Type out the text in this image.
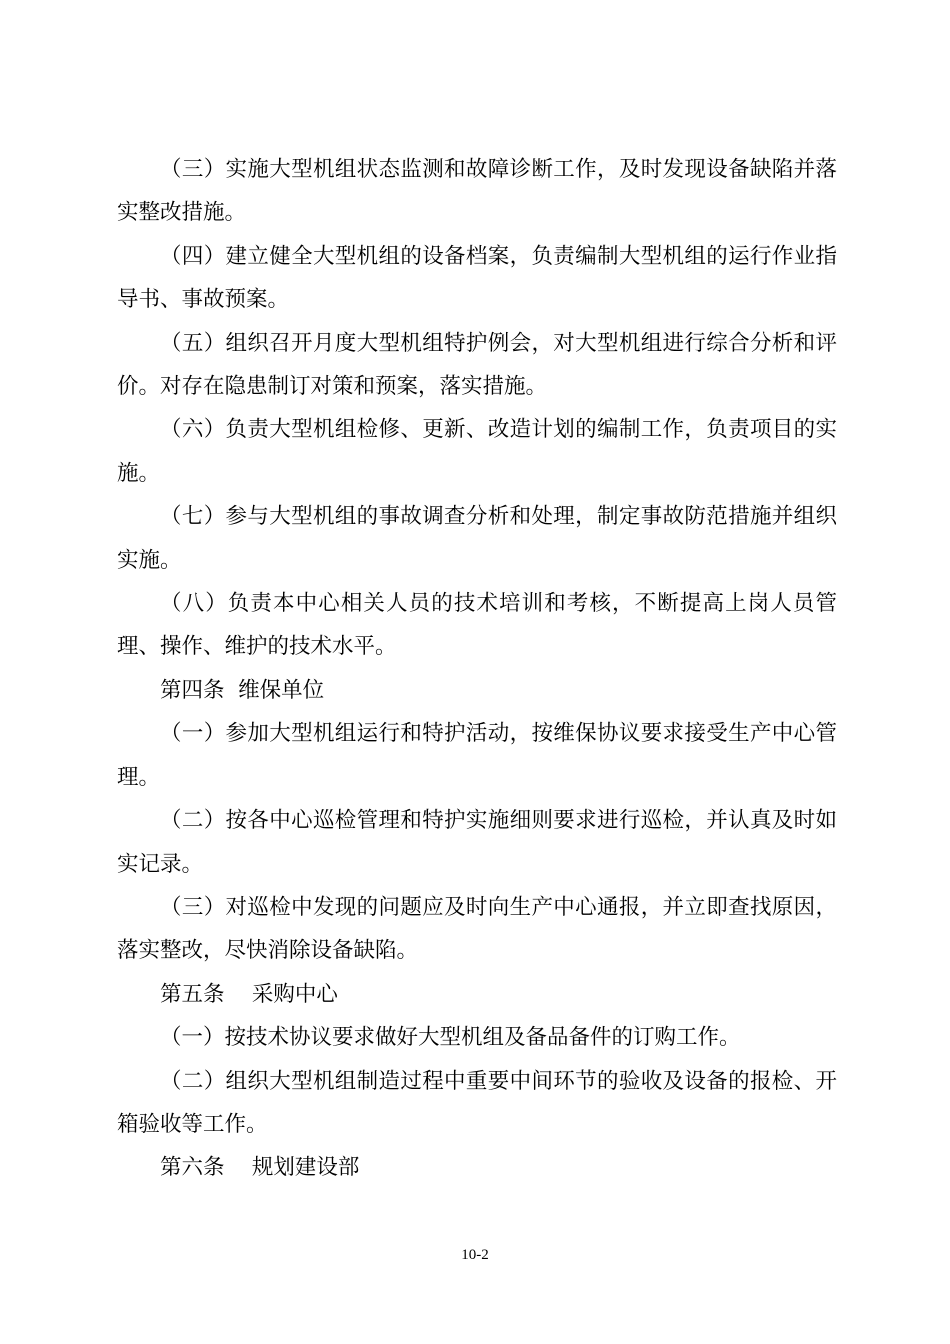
（三）实施大型机组状态监测和故障诊断工作，及时发现设备缺陷并落实整改措施。

（四）建立健全大型机组的设备档案，负责编制大型机组的运行作业指导书、事故预案。

（五）组织召开月度大型机组特护例会，对大型机组进行综合分析和评价。对存在隐患制订对策和预案，落实措施。

（六）负责大型机组检修、更新、改造计划的编制工作，负责项目的实施。

（七）参与大型机组的事故调查分析和处理，制定事故防范措施并组织实施。

（八）负责本中心相关人员的技术培训和考核，不断提高上岗人员管理、操作、维护的技术水平。

第四条  维保单位

（一）参加大型机组运行和特护活动，按维保协议要求接受生产中心管理。

（二）按各中心巡检管理和特护实施细则要求进行巡检，并认真及时如实记录。

（三）对巡检中发现的问题应及时向生产中心通报，并立即查找原因，落实整改，尽快消除设备缺陷。

第五条    采购中心

（一）按技术协议要求做好大型机组及备品备件的订购工作。

（二）组织大型机组制造过程中重要中间环节的验收及设备的报检、开箱验收等工作。

第六条    规划建设部

10-2
